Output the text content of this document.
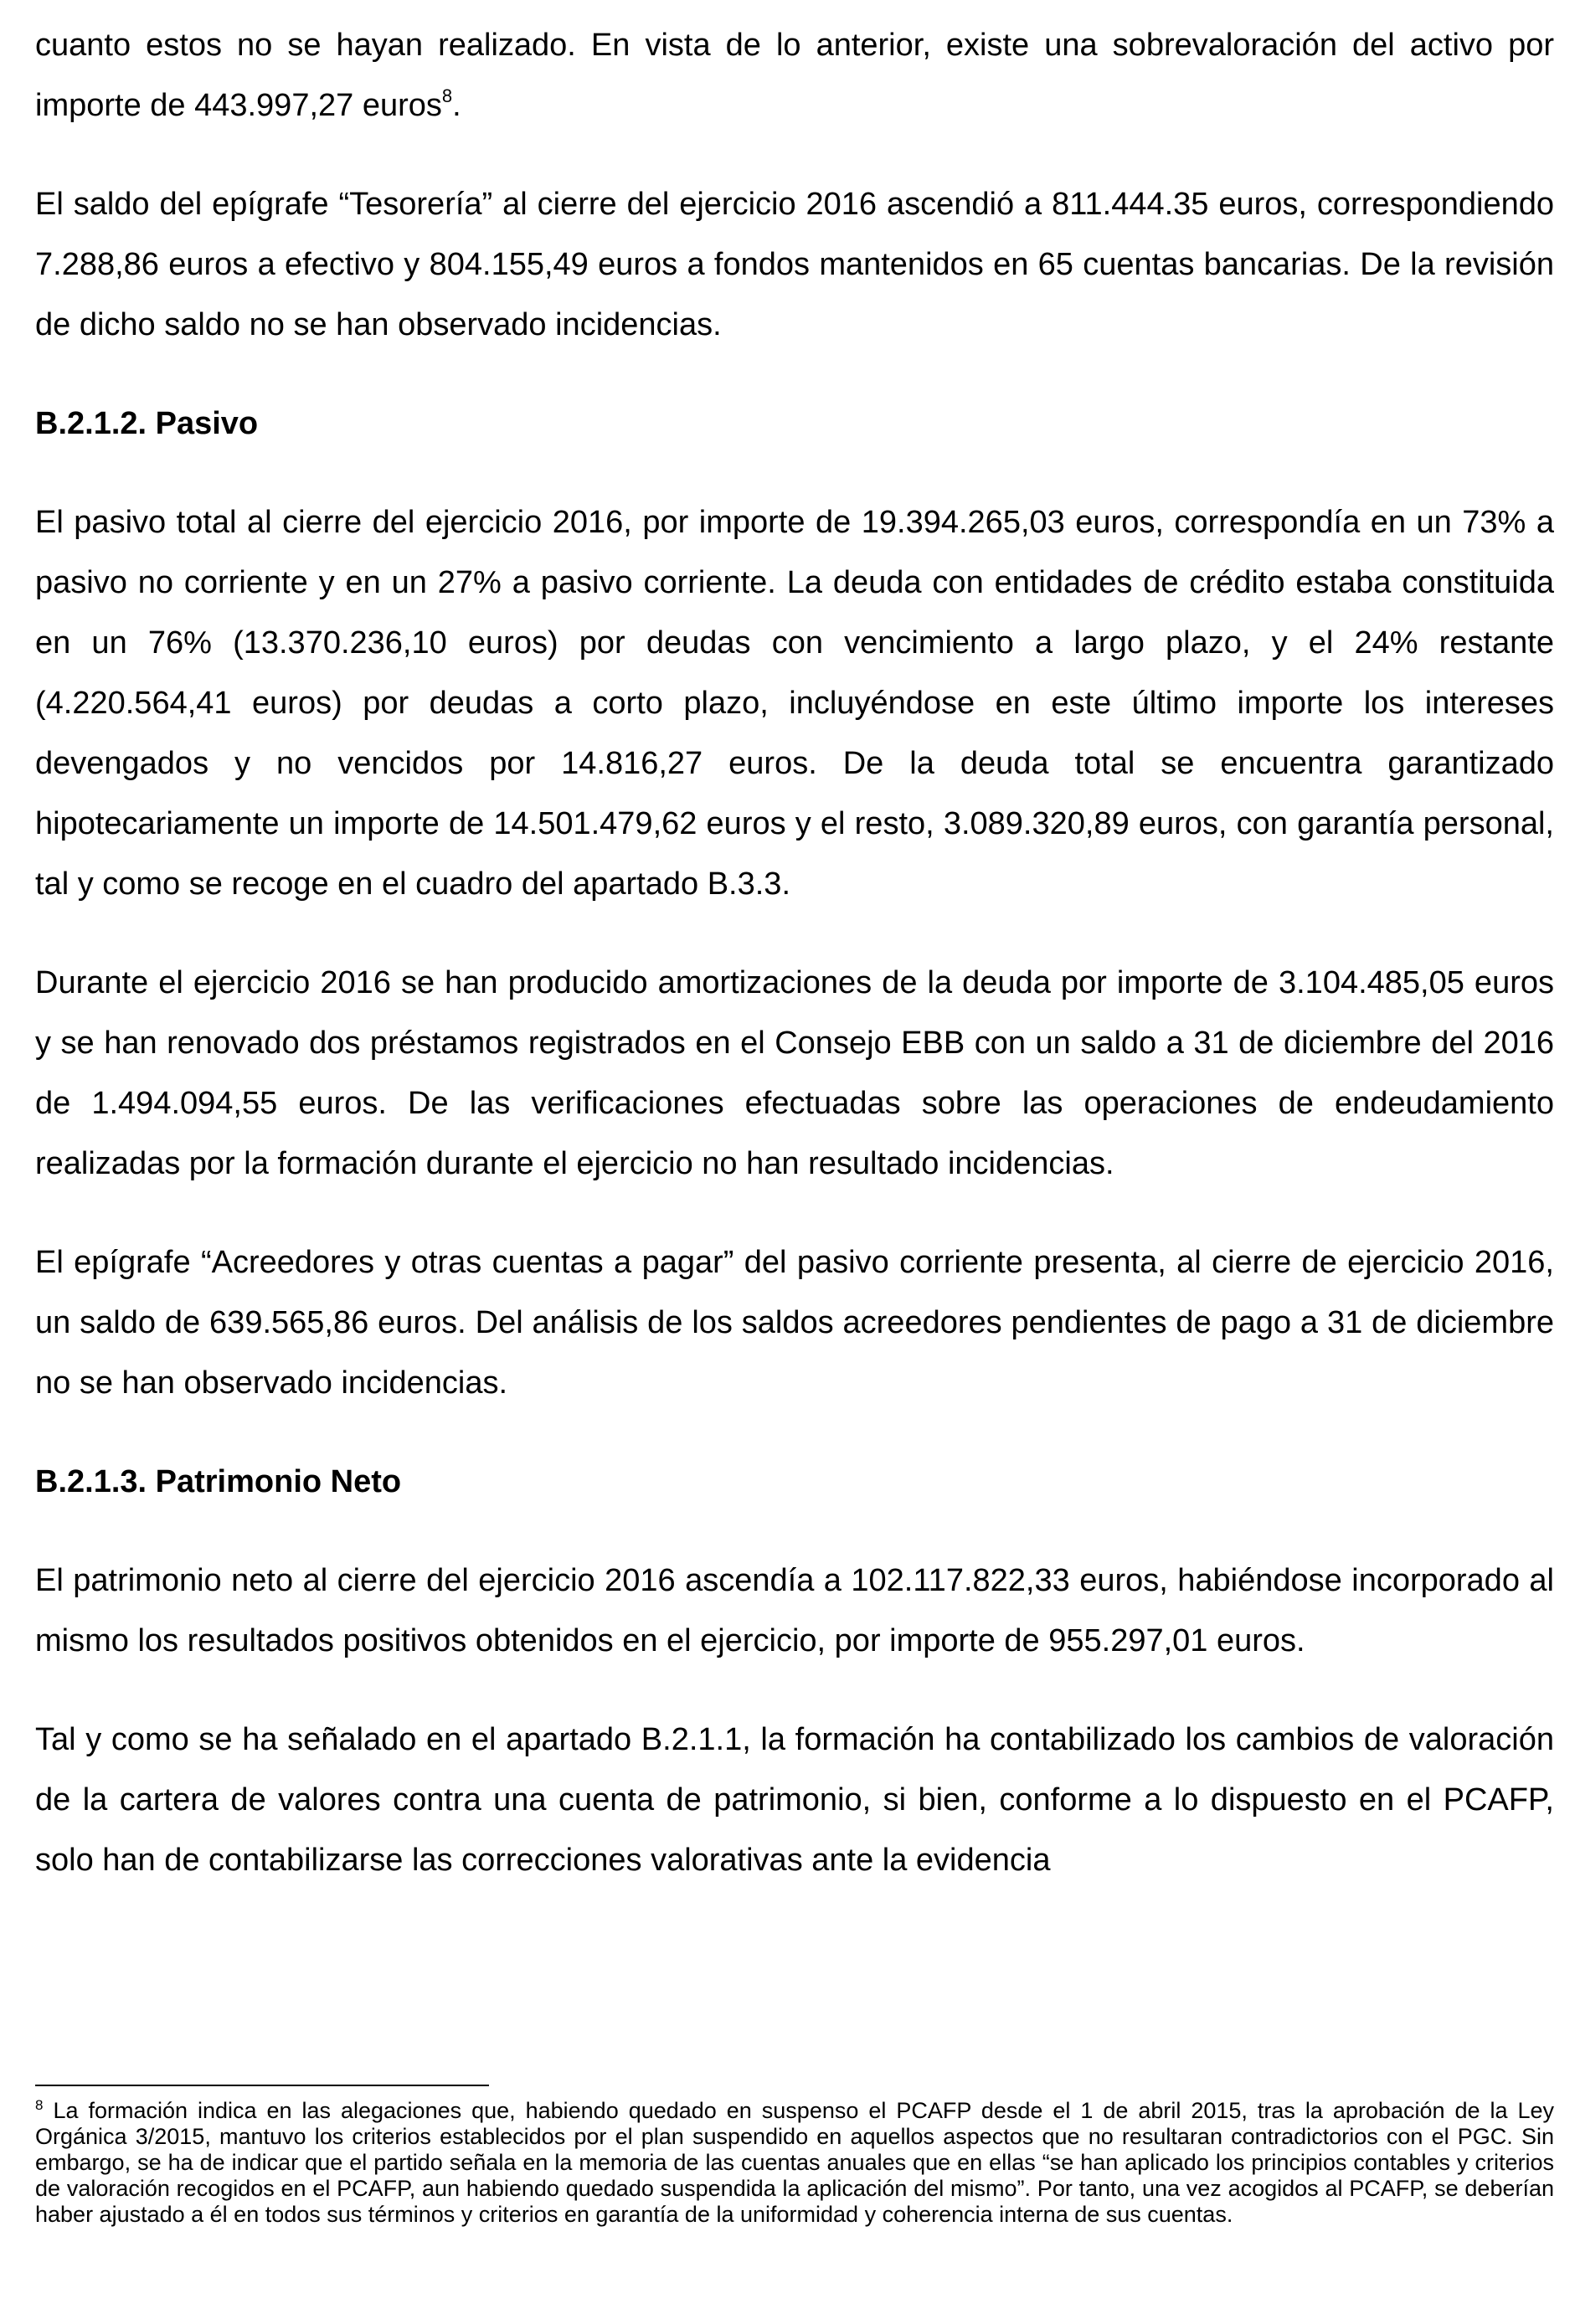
cuanto estos no se hayan realizado. En vista de lo anterior, existe una sobrevaloración del activo por importe de 443.997,27 euros$^8$.

El saldo del epígrafe “Tesorería” al cierre del ejercicio 2016 ascendió a 811.444.35 euros, correspondiendo 7.288,86 euros a efectivo y 804.155,49 euros a fondos mantenidos en 65 cuentas bancarias. De la revisión de dicho saldo no se han observado incidencias.

B.2.1.2. Pasivo

El pasivo total al cierre del ejercicio 2016, por importe de 19.394.265,03 euros, correspondía en un 73% a pasivo no corriente y en un 27% a pasivo corriente. La deuda con entidades de crédito estaba constituida en un 76% (13.370.236,10 euros) por deudas con vencimiento a largo plazo, y el 24% restante (4.220.564,41 euros) por deudas a corto plazo, incluyéndose en este último importe los intereses devengados y no vencidos por 14.816,27 euros. De la deuda total se encuentra garantizado hipotecariamente un importe de 14.501.479,62 euros y el resto, 3.089.320,89 euros, con garantía personal, tal y como se recoge en el cuadro del apartado B.3.3.

Durante el ejercicio 2016 se han producido amortizaciones de la deuda por importe de 3.104.485,05 euros y se han renovado dos préstamos registrados en el Consejo EBB con un saldo a 31 de diciembre del 2016 de 1.494.094,55 euros. De las verificaciones efectuadas sobre las operaciones de endeudamiento realizadas por la formación durante el ejercicio no han resultado incidencias.

El epígrafe “Acreedores y otras cuentas a pagar” del pasivo corriente presenta, al cierre de ejercicio 2016, un saldo de 639.565,86 euros. Del análisis de los saldos acreedores pendientes de pago a 31 de diciembre no se han observado incidencias.

B.2.1.3. Patrimonio Neto

El patrimonio neto al cierre del ejercicio 2016 ascendía a 102.117.822,33 euros, habiéndose incorporado al mismo los resultados positivos obtenidos en el ejercicio, por importe de 955.297,01 euros.

Tal y como se ha señalado en el apartado B.2.1.1, la formación ha contabilizado los cambios de valoración de la cartera de valores contra una cuenta de patrimonio, si bien, conforme a lo dispuesto en el PCAFP, solo han de contabilizarse las correcciones valorativas ante la evidencia

$^8$ La formación indica en las alegaciones que, habiendo quedado en suspenso el PCAFP desde el 1 de abril 2015, tras la aprobación de la Ley Orgánica 3/2015, mantuvo los criterios establecidos por el plan suspendido en aquellos aspectos que no resultaran contradictorios con el PGC. Sin embargo, se ha de indicar que el partido señala en la memoria de las cuentas anuales que en ellas “se han aplicado los principios contables y criterios de valoración recogidos en el PCAFP, aun habiendo quedado suspendida la aplicación del mismo”. Por tanto, una vez acogidos al PCAFP, se deberían haber ajustado a él en todos sus términos y criterios en garantía de la uniformidad y coherencia interna de sus cuentas.
